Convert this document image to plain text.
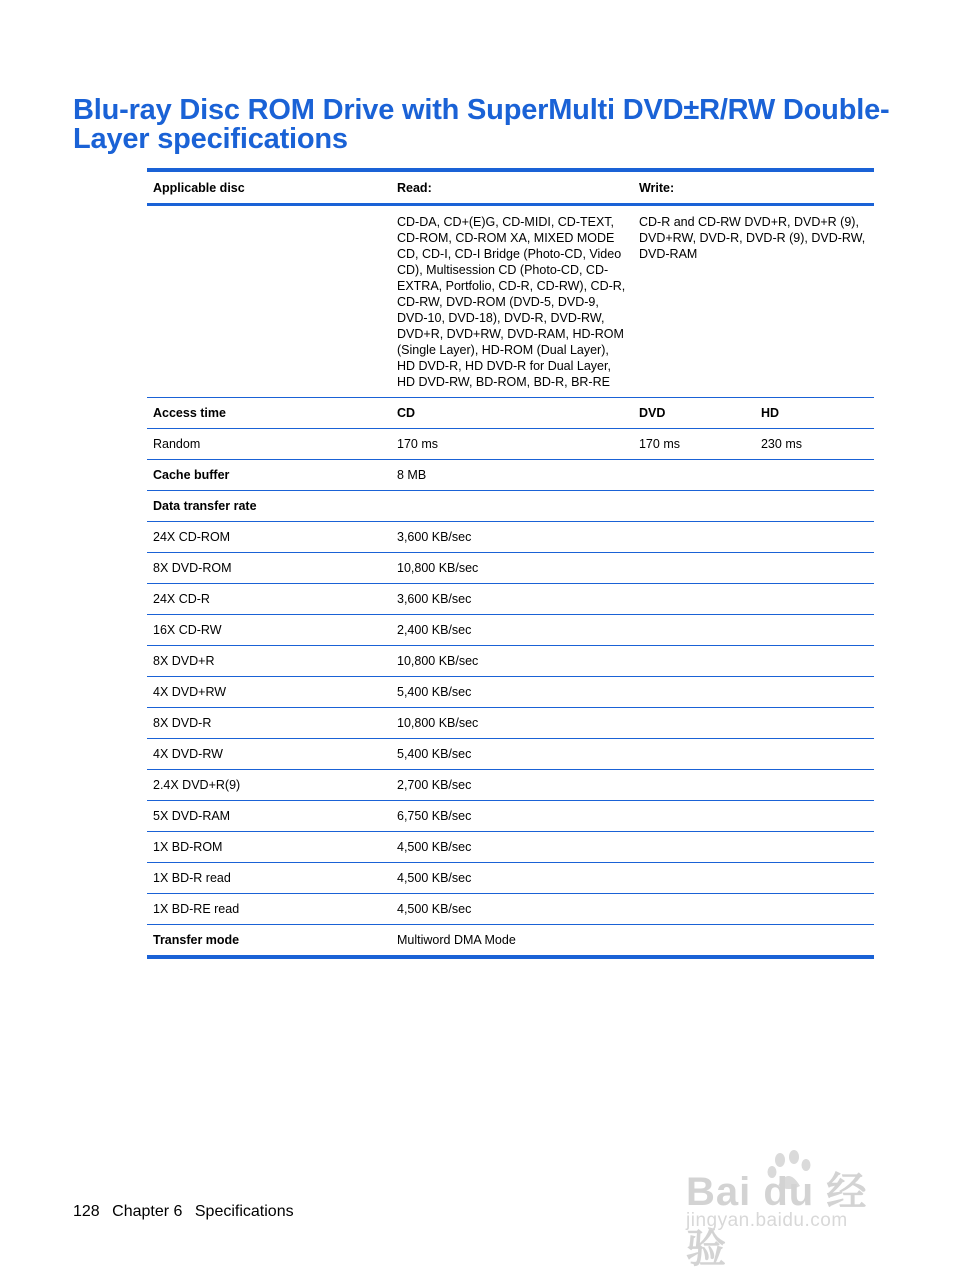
Blu-ray Disc ROM Drive with SuperMulti DVD±R/RW Double-Layer specifications
Applicable disc	Read:	Write:	
	CD-DA, CD+(E)G, CD-MIDI, CD-TEXT, CD-ROM, CD-ROM XA, MIXED MODE CD, CD-I, CD-I Bridge (Photo-CD, Video CD), Multisession CD (Photo-CD, CD-EXTRA, Portfolio, CD-R, CD-RW), CD-R, CD-RW, DVD-ROM (DVD-5, DVD-9, DVD-10, DVD-18), DVD-R, DVD-RW, DVD+R, DVD+RW, DVD-RAM, HD-ROM (Single Layer), HD-ROM (Dual Layer), HD DVD-R, HD DVD-R for Dual Layer, HD DVD-RW, BD-ROM, BD-R, BR-RE	CD-R and CD-RW DVD+R, DVD+R (9), DVD+RW, DVD-R, DVD-R (9), DVD-RW, DVD-RAM	
Access time	CD	DVD	HD
Random	170 ms	170 ms	230 ms
Cache buffer	8 MB		
Data transfer rate			
24X CD-ROM	3,600 KB/sec		
8X DVD-ROM	10,800 KB/sec		
24X CD-R	3,600 KB/sec		
16X CD-RW	2,400 KB/sec		
8X DVD+R	10,800 KB/sec		
4X DVD+RW	5,400 KB/sec		
8X DVD-R	10,800 KB/sec		
4X DVD-RW	5,400 KB/sec		
2.4X DVD+R(9)	2,700 KB/sec		
5X DVD-RAM	6,750 KB/sec		
1X BD-ROM	4,500 KB/sec		
1X BD-R read	4,500 KB/sec		
1X BD-RE read	4,500 KB/sec		
Transfer mode	Multiword DMA Mode		
128 Chapter 6 Specifications	Bai du 经验
jingyan.baidu.com
